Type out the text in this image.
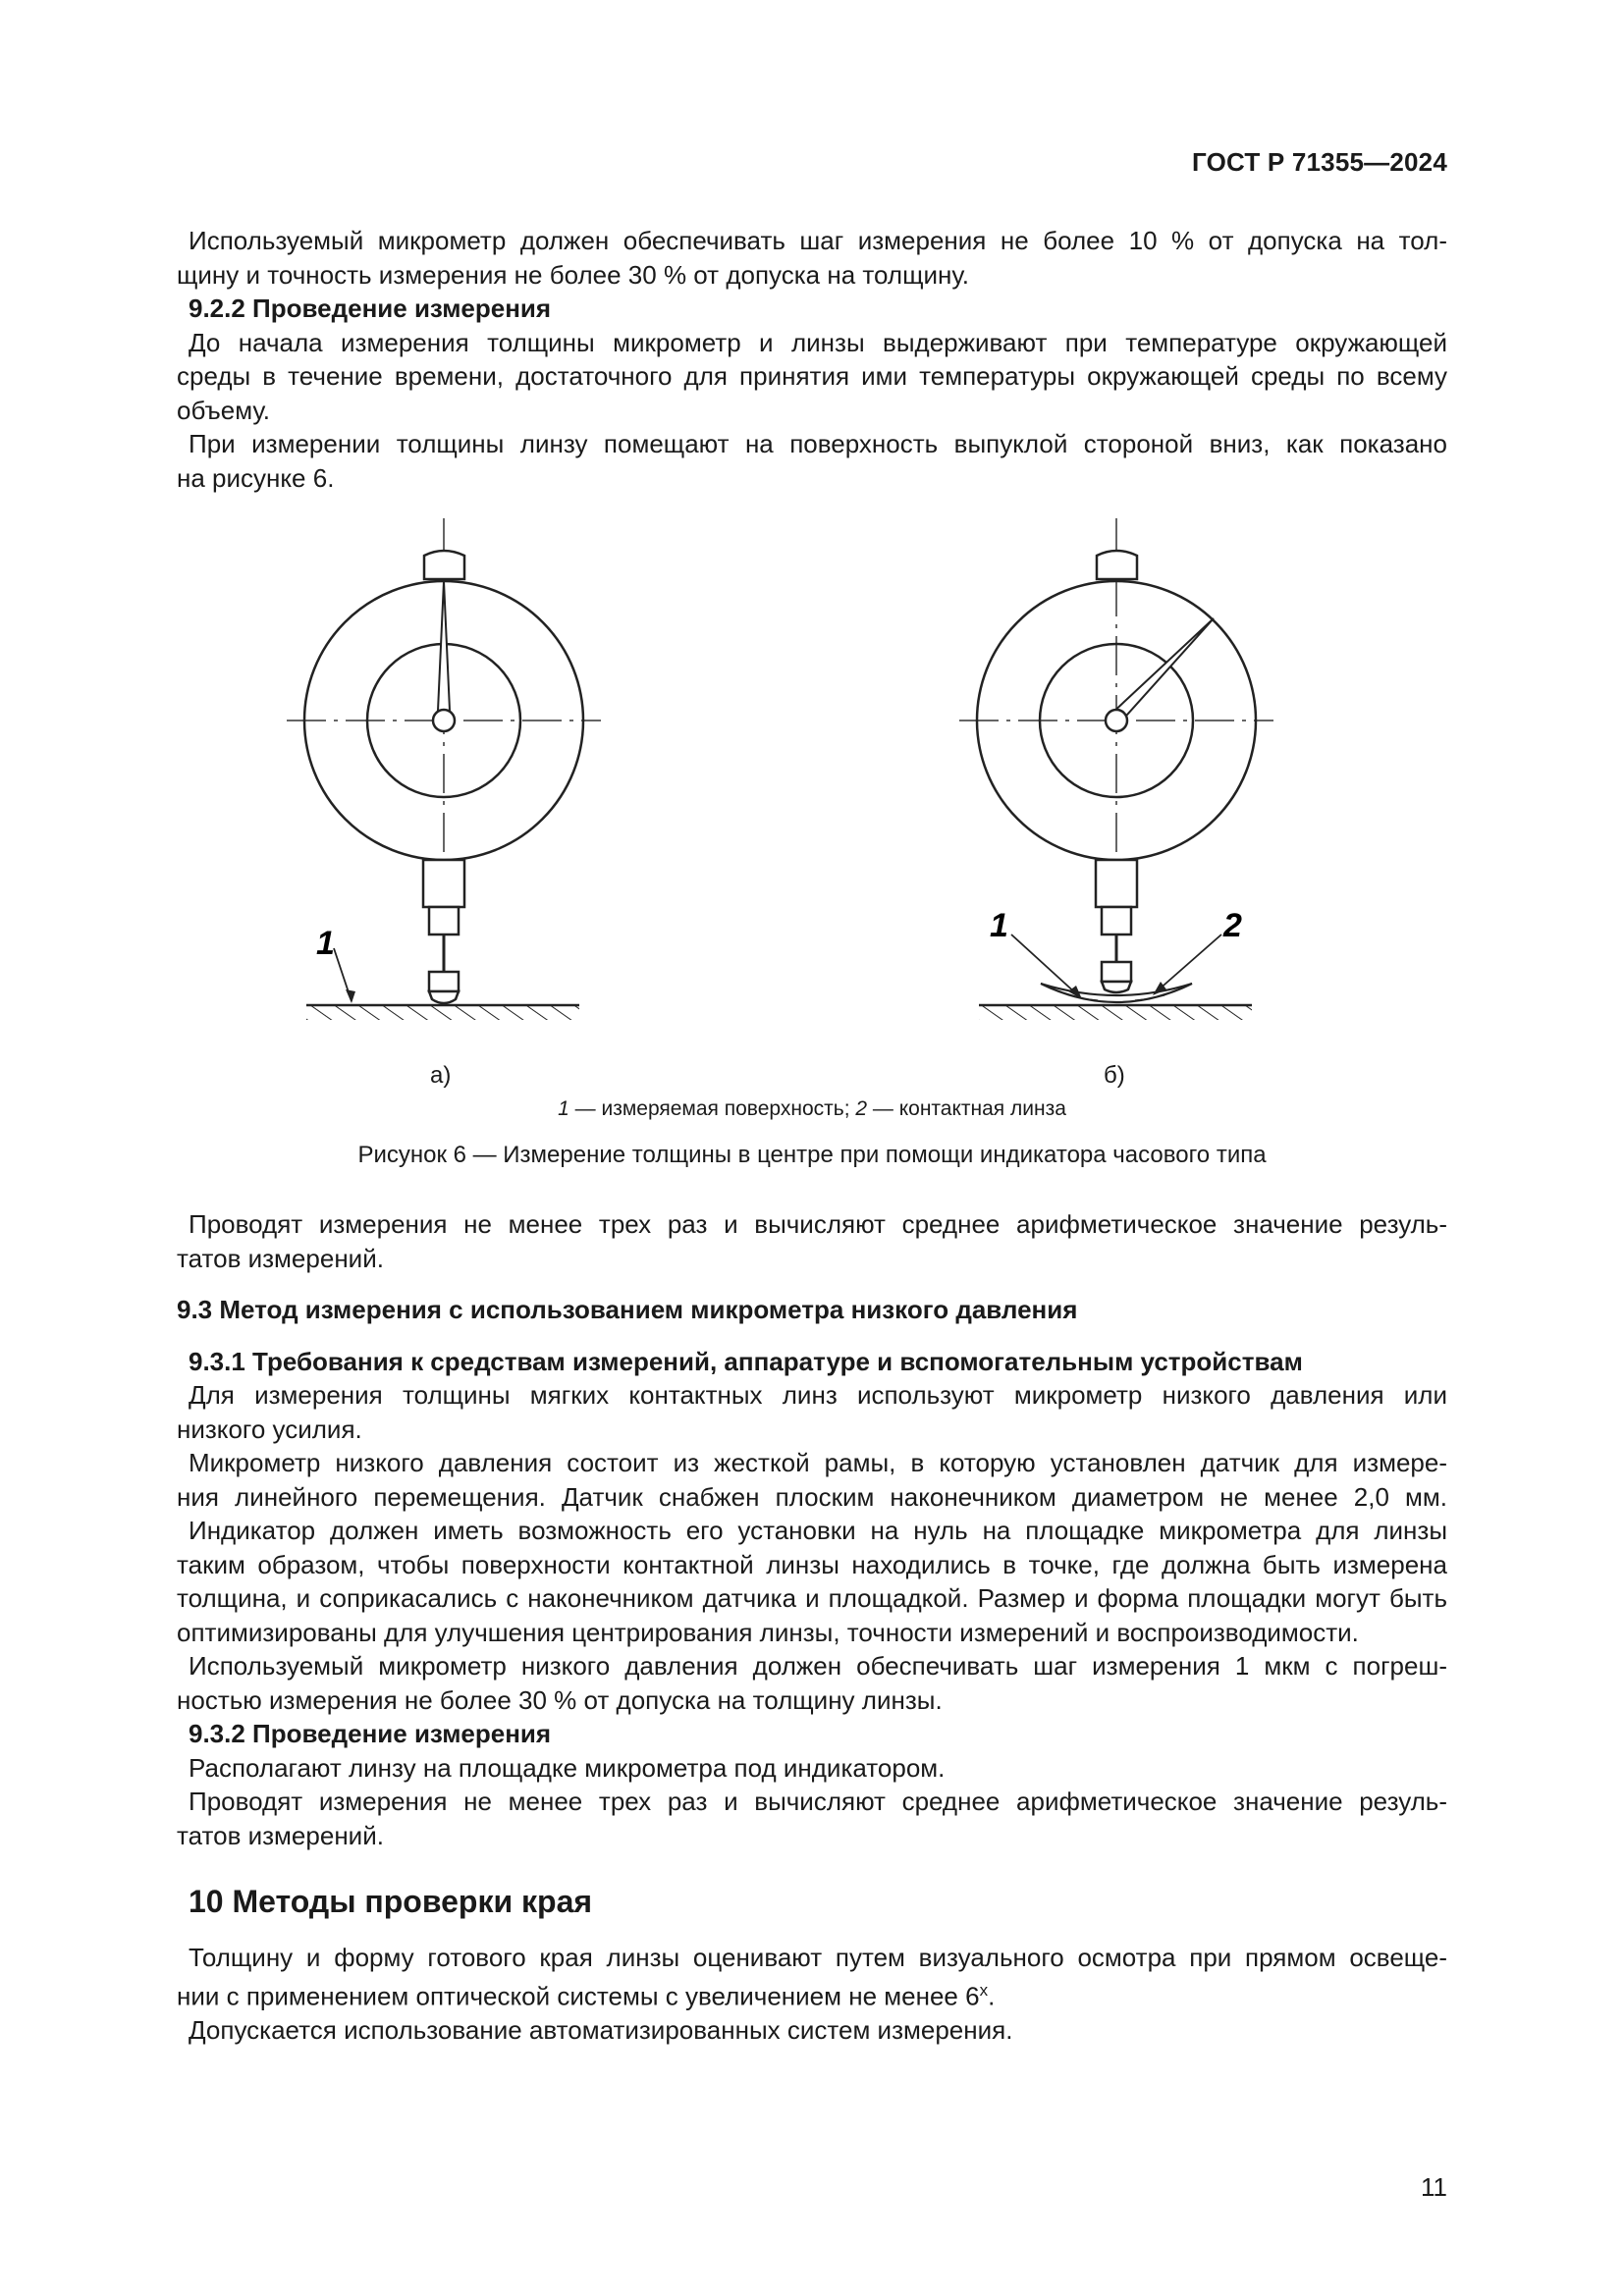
ГОСТ Р 71355—2024
Используемый микрометр должен обеспечивать шаг измерения не более 10 % от допуска на тол-
щину и точность измерения не более 30 % от допуска на толщину.
9.2.2 Проведение измерения
До начала измерения толщины микрометр и линзы выдерживают при температуре окружающей
среды в течение времени, достаточного для принятия ими температуры окружающей среды по всему
объему.
При измерении толщины линзу помещают на поверхность выпуклой стороной вниз, как показано
на рисунке 6.
1	1	2
а)	б)
1 — измеряемая поверхность; 2 — контактная линза
Рисунок 6 — Измерение толщины в центре при помощи индикатора часового типа
Проводят измерения не менее трех раз и вычисляют среднее арифметическое значение резуль-
татов измерений.
9.3 Метод измерения с использованием микрометра низкого давления
9.3.1 Требования к средствам измерений, аппаратуре и вспомогательным устройствам
Для измерения толщины мягких контактных линз используют микрометр низкого давления или
низкого усилия.
Микрометр низкого давления состоит из жесткой рамы, в которую установлен датчик для измере-
ния линейного перемещения. Датчик снабжен плоским наконечником диаметром не менее 2,0 мм.
Индикатор должен иметь возможность его установки на нуль на площадке микрометра для линзы
таким образом, чтобы поверхности контактной линзы находились в точке, где должна быть измерена
толщина, и соприкасались с наконечником датчика и площадкой. Размер и форма площадки могут быть
оптимизированы для улучшения центрирования линзы, точности измерений и воспроизводимости.
Используемый микрометр низкого давления должен обеспечивать шаг измерения 1 мкм с погреш-
ностью измерения не более 30 % от допуска на толщину линзы.
9.3.2 Проведение измерения
Располагают линзу на площадке микрометра под индикатором.
Проводят измерения не менее трех раз и вычисляют среднее арифметическое значение резуль-
татов измерений.
10 Методы проверки края
Толщину и форму готового края линзы оценивают путем визуального осмотра при прямом освеще-
нии с применением оптической системы с увеличением не менее $6^х$.
Допускается использование автоматизированных систем измерения.
11
